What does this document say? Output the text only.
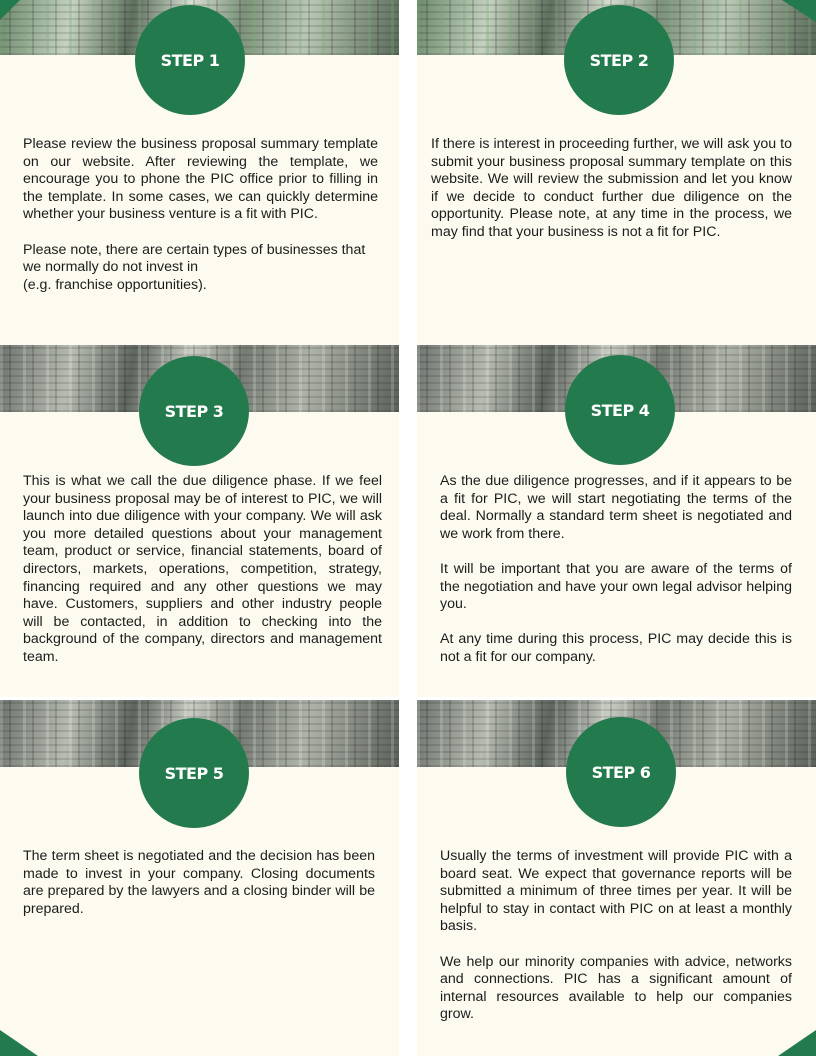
STEP 1

Please review the business proposal summary template on our website. After reviewing the template, we encourage you to phone the PIC office prior to filling in the template. In some cases, we can quickly determine whether your business venture is a fit with PIC.

Please note, there are certain types of businesses that we normally do not invest in
(e.g. franchise opportunities).

STEP 2

If there is interest in proceeding further, we will ask you to submit your business proposal summary template on this website. We will review the submission and let you know if we decide to conduct further due diligence on the opportunity. Please note, at any time in the process, we may find that your business is not a fit for PIC.

STEP 3

This is what we call the due diligence phase. If we feel your business proposal may be of interest to PIC, we will launch into due diligence with your company. We will ask you more detailed questions about your management team, product or service, financial statements, board of directors, markets, operations, competition, strategy, financing required and any other questions we may have. Customers, suppliers and other industry people will be contacted, in addition to checking into the background of the company, directors and management team.

STEP 4

As the due diligence progresses, and if it appears to be a fit for PIC, we will start negotiating the terms of the deal. Normally a standard term sheet is negotiated and we work from there.

It will be important that you are aware of the terms of the negotiation and have your own legal advisor helping you.

At any time during this process, PIC may decide this is not a fit for our company.

STEP 5

The term sheet is negotiated and the decision has been made to invest in your company. Closing documents are prepared by the lawyers and a closing binder will be prepared.

STEP 6

Usually the terms of investment will provide PIC with a board seat. We expect that governance reports will be submitted a minimum of three times per year. It will be helpful to stay in contact with PIC on at least a monthly basis.

We help our minority companies with advice, networks and connections. PIC has a significant amount of internal resources available to help our companies grow.
